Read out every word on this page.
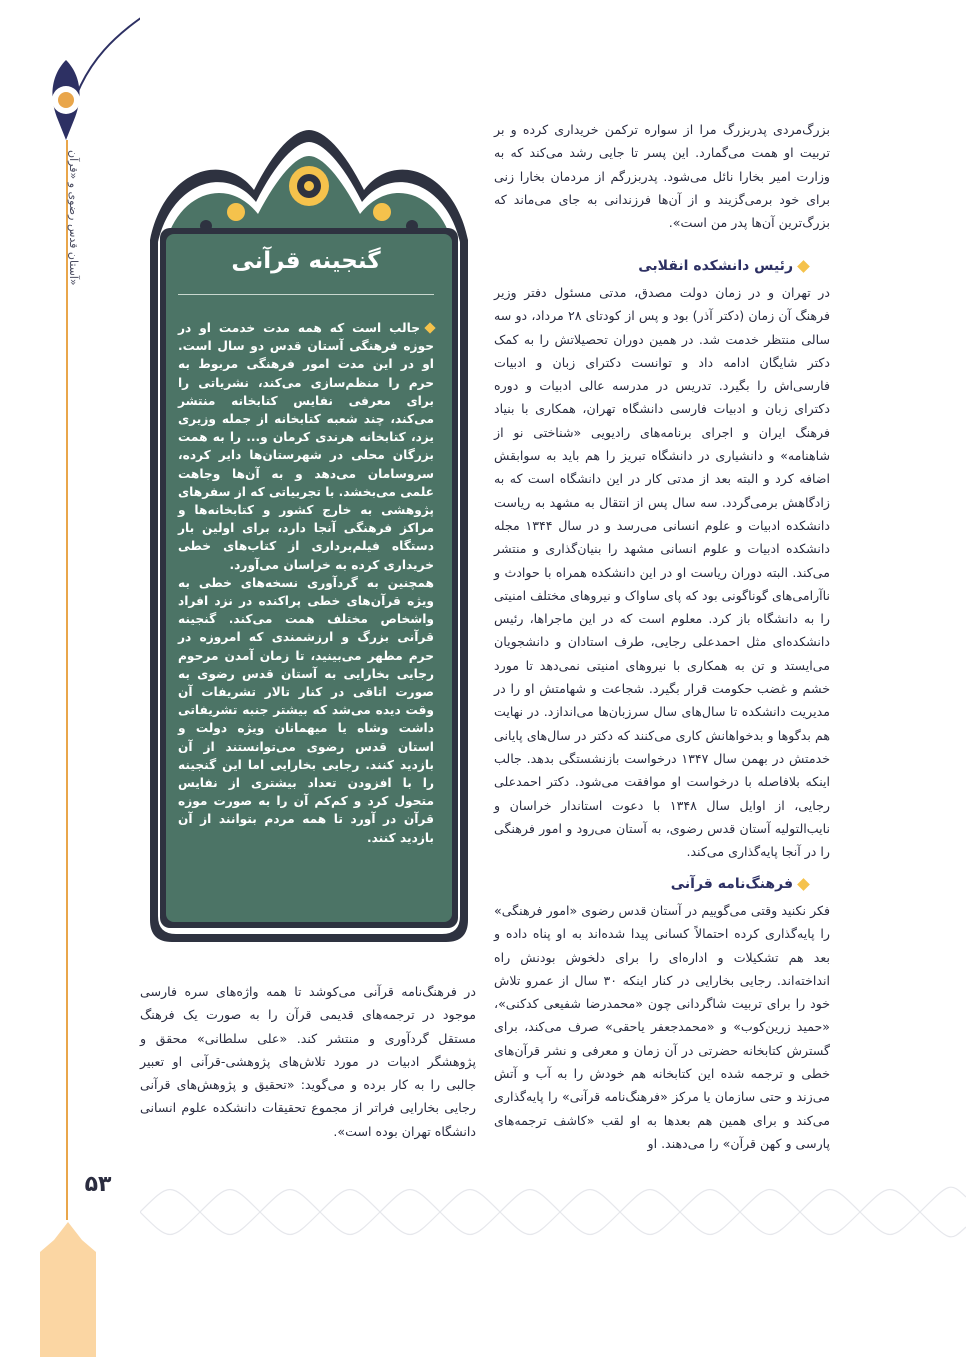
آستان قدس رضوی و «قرآن»
۵۳
بزرگ‌مردی پدربزرگ مرا از سواره ترکمن خریداری کرده و بر تربیت او همت می‌گمارد. این پسر تا جایی رشد می‌کند که به وزارت امیر بخارا نائل می‌شود. پدربزرگم از مردمان بخارا زنی برای خود برمی‌گزیند و از آن‌ها فرزندانی به جای می‌ماند که بزرگ‌ترین آن‌ها پدر من است».
رئیس دانشکده انقلابی
در تهران و در زمان دولت مصدق، مدتی مسئول دفتر وزیر فرهنگ آن زمان (دکتر آذر) بود و پس از کودتای ۲۸ مرداد، دو سه سالی منتظر خدمت شد. در همین دوران تحصیلاتش را به کمک دکتر شایگان ادامه داد و توانست دکترای زبان و ادبیات فارسی‌اش را بگیرد. تدریس در مدرسه عالی ادبیات و دوره دکترای زبان و ادبیات فارسی دانشگاه تهران، همکاری با بنیاد فرهنگ ایران و اجرای برنامه‌های رادیویی «شناختی نو از شاهنامه» و دانشیاری در دانشگاه تبریز را هم باید به سوابقش اضافه کرد و البته بعد از مدتی کار در این دانشگاه است که به زادگاهش برمی‌گردد. سه سال پس از انتقال به مشهد به ریاست دانشکده ادبیات و علوم انسانی می‌رسد و در سال ۱۳۴۴ مجله دانشکده ادبیات و علوم انسانی مشهد را بنیان‌گذاری و منتشر می‌کند. البته دوران ریاست او در این دانشکده همراه با حوادث و ناآرامی‌های گوناگونی بود که پای ساواک و نیروهای مختلف امنیتی را به دانشگاه باز کرد. معلوم است که در این ماجراها، رئیس دانشکده‌ای مثل احمدعلی رجایی، طرف استادان و دانشجویان می‌ایستد و تن به همکاری با نیروهای امنیتی نمی‌دهد تا مورد خشم و غضب حکومت قرار بگیرد. شجاعت و شهامتش او را در مدیریت دانشکده تا سال‌های سال سرزبان‌ها می‌اندازد. در نهایت هم بدگوها و بدخواهانش کاری می‌کنند که دکتر در سال‌های پایانی خدمتش در بهمن سال ۱۳۴۷ درخواست بازنشستگی بدهد. جالب اینکه بلافاصله با درخواست او موافقت می‌شود. دکتر احمدعلی رجایی، از اوایل سال ۱۳۴۸ با دعوت استاندار خراسان و نایب‌التولیه آستان قدس رضوی، به آستان می‌رود و امور فرهنگی را در آنجا پایه‌گذاری می‌کند.
فرهنگ‌نامه قرآنی
فکر نکنید وقتی می‌گوییم در آستان قدس رضوی «امور فرهنگی» را پایه‌گذاری کرده احتمالاً کسانی پیدا شده‌اند به او پناه داده و بعد هم تشکیلات و اداره‌ای را برای دلخوش بودنش راه انداخته‌اند. رجایی بخارایی در کنار اینکه ۳۰ سال از عمرو تلاش خود را برای تربیت شاگردانی چون «محمدرضا شفیعی کدکنی»، «حمید زرین‌کوب» و «محمدجعفر یاحقی» صرف می‌کند، برای گسترش کتابخانه حضرتی در آن زمان و معرفی و نشر قرآن‌های خطی و ترجمه شده این کتابخانه هم خودش را به آب و آتش می‌زند و حتی سازمان یا مرکز «فرهنگ‌نامه قرآنی» را پایه‌گذاری می‌کند و برای همین هم بعدها به او لقب «کاشف ترجمه‌های پارسی و کهن قرآن» را می‌دهند. او
گنجینه قرآنی
جالب است که همه مدت خدمت او در حوزه فرهنگی آستان قدس دو سال است. او در این مدت امور فرهنگی مربوط به حرم را منظم‌سازی می‌کند، نشریاتی را برای معرفی نفایس کتابخانه منتشر می‌کند، چند شعبه کتابخانه از جمله وزیری یزد، کتابخانه هرندی کرمان و... را به همت بزرگان محلی در شهرستان‌ها دایر کرده، سروسامان می‌دهد و به آن‌ها وجاهت علمی می‌بخشد. با تجربیاتی که از سفرهای پژوهشی به خارج کشور و کتابخانه‌ها و مراکز فرهنگی آنجا دارد، برای اولین بار دستگاه فیلم‌برداری از کتاب‌های خطی خریداری کرده به خراسان می‌آورد.
همچنین به گردآوری نسخه‌های خطی به ویژه قرآن‌های خطی پراکنده در نزد افراد واشخاص مختلف همت می‌کند. گنجینه قرآنی بزرگ و ارزشمندی که امروزه در حرم مطهر می‌بینید، تا زمان آمدن مرحوم رجایی بخارایی به آستان قدس رضوی به صورت اتاقی در کنار تالار تشریفات آن وقت دیده می‌شد که بیشتر جنبه تشریفاتی داشت وشاه یا میهمانان ویژه دولت و استان قدس رضوی می‌توانستند از آن بازدید کنند. رجایی بخارایی اما این گنجینه را با افزودن تعداد بیشتری از نفایس متحول کرد و کم‌کم آن را به صورت موزه قرآن در آورد تا همه مردم بتوانند از آن بازدید کنند.
در فرهنگ‌نامه قرآنی می‌کوشد تا همه واژه‌های سره فارسی موجود در ترجمه‌های قدیمی قرآن را به صورت یک فرهنگ مستقل گردآوری و منتشر کند. «علی سلطانی» محقق و پژوهشگر ادبیات در مورد تلاش‌های پژوهشی-قرآنی او تعبیر جالبی را به کار برده و می‌گوید: «تحقیق و پژوهش‌های قرآنی رجایی بخارایی فراتر از مجموع تحقیقات دانشکده علوم انسانی دانشگاه تهران بوده است».
